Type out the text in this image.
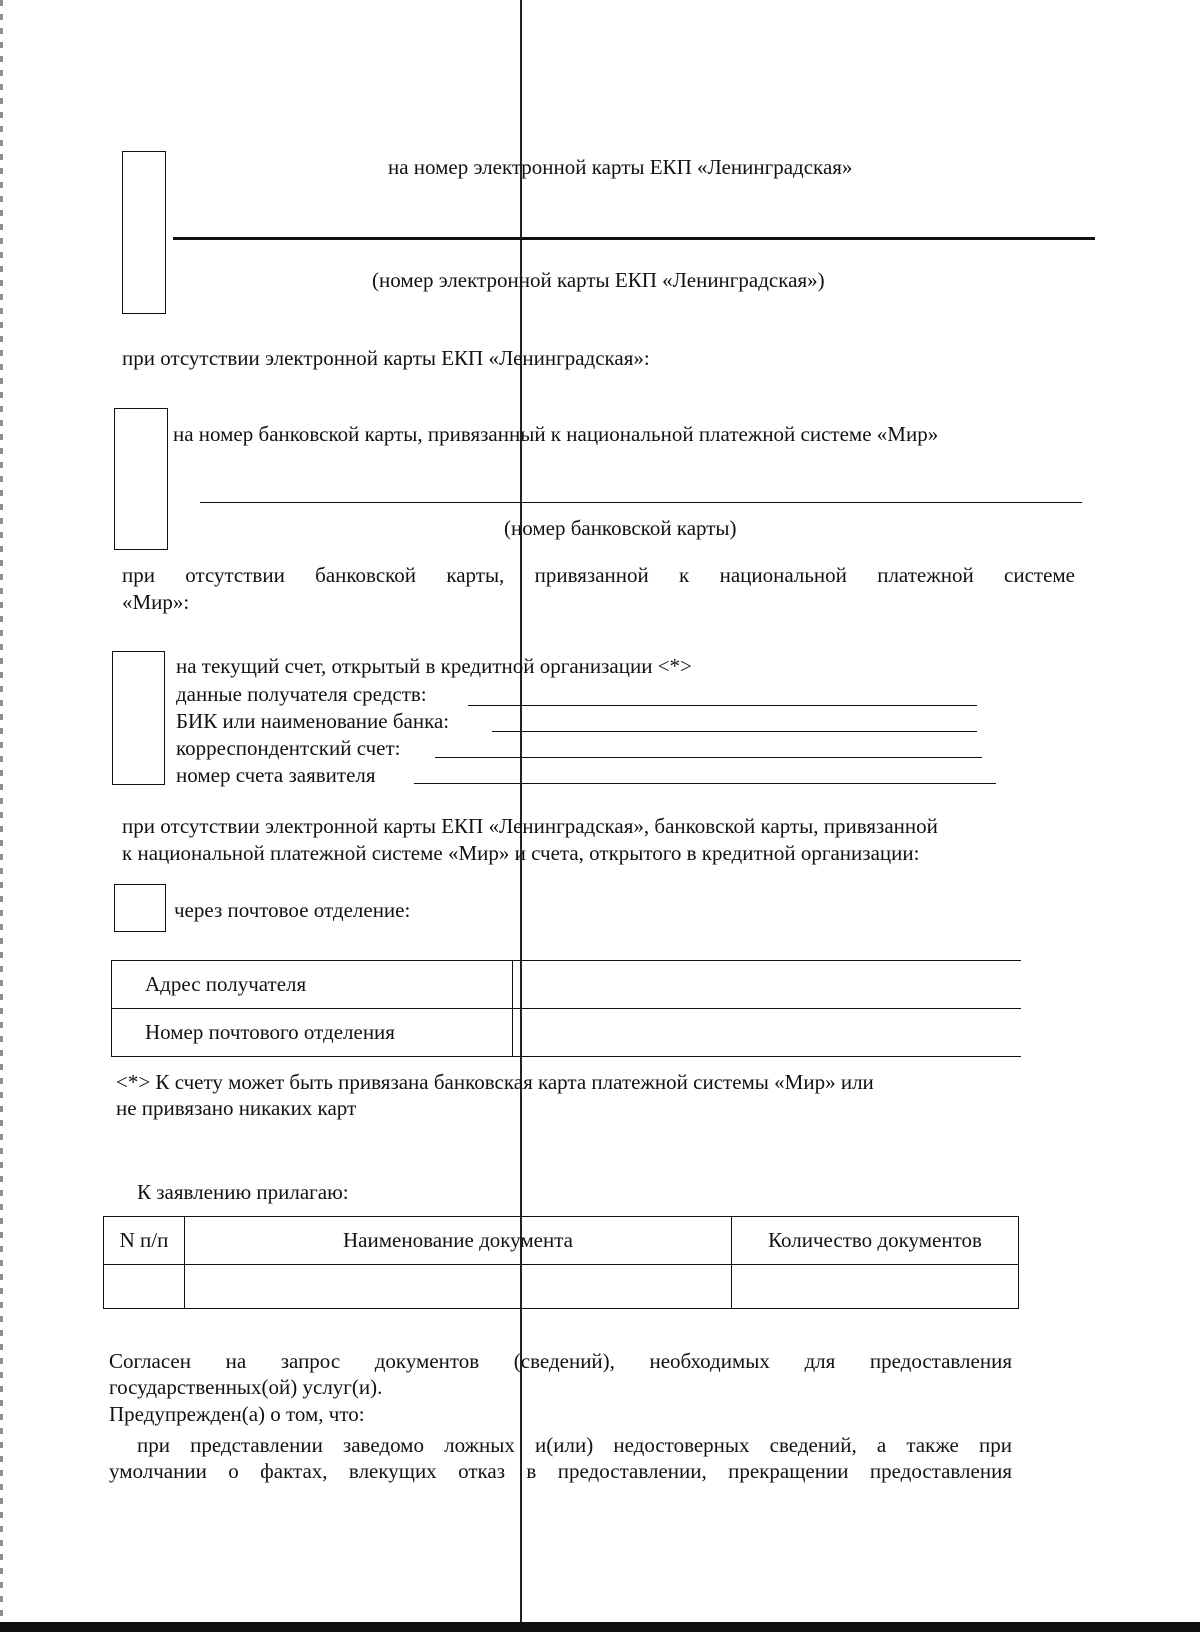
на номер электронной карты ЕКП «Ленинградская»
(номер электронной карты ЕКП «Ленинградская»)
при отсутствии электронной карты ЕКП «Ленинградская»:
на номер банковской карты, привязанный к национальной платежной системе «Мир»
(номер банковской карты)
при отсутствии банковской карты, привязанной к национальной платежной системе
«Мир»:
на текущий счет, открытый в кредитной организации <*>
данные получателя средств:
БИК или наименование банка:
корреспондентский счет:
номер счета заявителя
при отсутствии электронной карты ЕКП «Ленинградская», банковской карты, привязанной
к национальной платежной системе «Мир» и счета, открытого в кредитной организации:
через почтовое отделение:
Адрес получателя	
Номер почтового отделения	
<*> К счету может быть привязана банковская карта платежной системы «Мир» или
не привязано никаких карт
К заявлению прилагаю:
N п/п	Наименование документа	Количество документов

Согласен на запрос документов (сведений), необходимых для предоставления
государственных(ой) услуг(и).
Предупрежден(а) о том, что:
при представлении заведомо ложных и(или) недостоверных сведений, а также при
умолчании о фактах, влекущих отказ в предоставлении, прекращении предоставления
